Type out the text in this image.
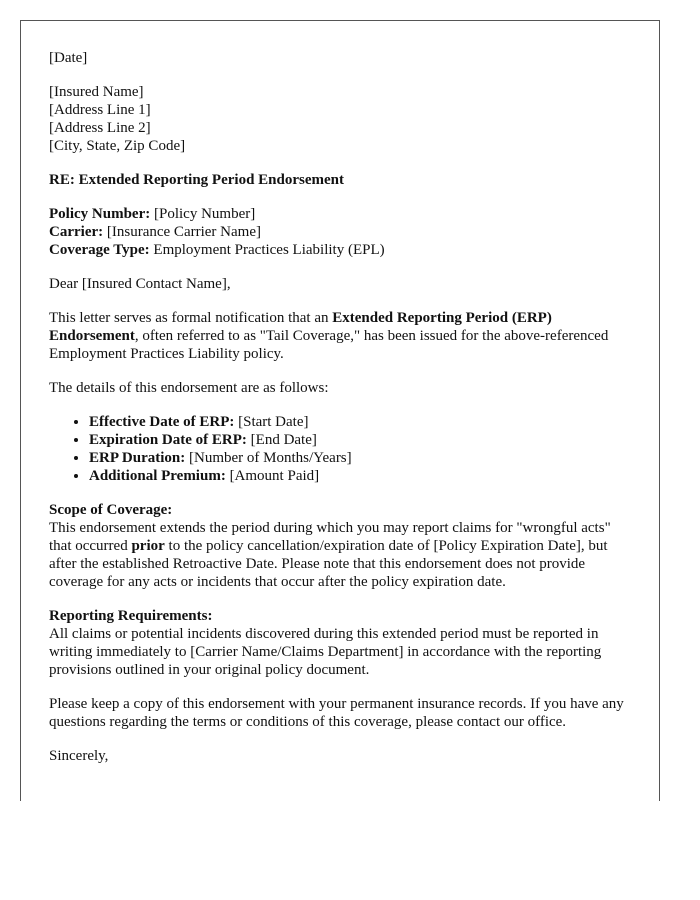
[Date]

[Insured Name]
[Address Line 1]
[Address Line 2]
[City, State, Zip Code]

RE: Extended Reporting Period Endorsement

Policy Number: [Policy Number]
Carrier: [Insurance Carrier Name]
Coverage Type: Employment Practices Liability (EPL)

Dear [Insured Contact Name],

This letter serves as formal notification that an Extended Reporting Period (ERP) Endorsement, often referred to as "Tail Coverage," has been issued for the above-referenced Employment Practices Liability policy.

The details of this endorsement are as follows:

• Effective Date of ERP: [Start Date]
• Expiration Date of ERP: [End Date]
• ERP Duration: [Number of Months/Years]
• Additional Premium: [Amount Paid]

Scope of Coverage:
This endorsement extends the period during which you may report claims for "wrongful acts" that occurred prior to the policy cancellation/expiration date of [Policy Expiration Date], but after the established Retroactive Date. Please note that this endorsement does not provide coverage for any acts or incidents that occur after the policy expiration date.

Reporting Requirements:
All claims or potential incidents discovered during this extended period must be reported in writing immediately to [Carrier Name/Claims Department] in accordance with the reporting provisions outlined in your original policy document.

Please keep a copy of this endorsement with your permanent insurance records. If you have any questions regarding the terms or conditions of this coverage, please contact our office.

Sincerely,
